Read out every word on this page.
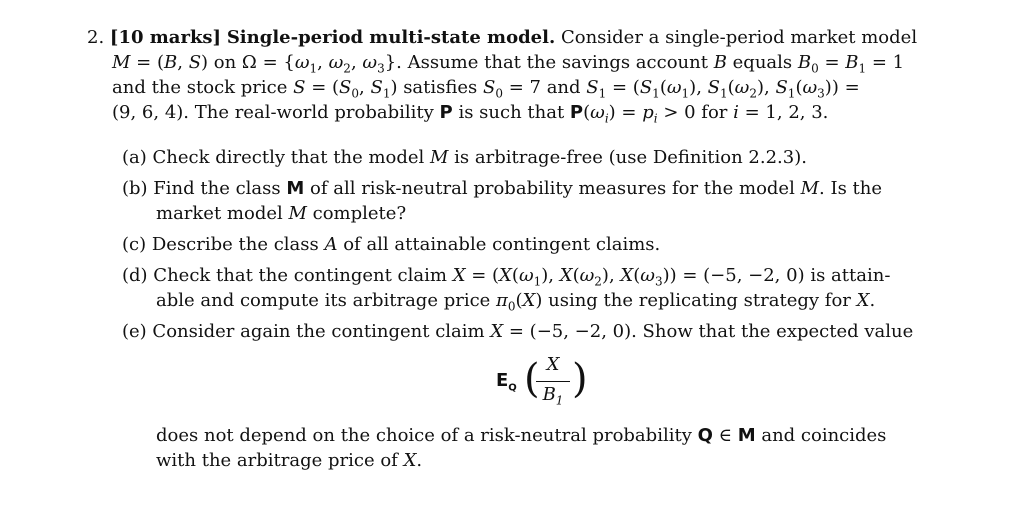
2. [10 marks] Single-period multi-state model. Consider a single-period market model
M = (B, S) on $\Omega = \{\omega_1$, $\omega_2$, $\omega_3$}. Assume that the savings account B equals $B_0 = B_1 = 1$
and the stock price $S = (S_0$, $S_1$) satisfies $S_0 = 7$ and $S_1 = (S_1(\omega_1)$, $S_1(\omega_2)$, $S_1(\omega_3)$) =
(9, 6, 4). The real-world probability P is such that $P(\omega_i) = p_i > 0$ for i = 1, 2, 3.
(a) Check directly that the model M is arbitrage-free (use Definition 2.2.3).
(b) Find the class M of all risk-neutral probability measures for the model M. Is the
market model M complete?
(c) Describe the class A of all attainable contingent claims.
(d) Check that the contingent claim $X = (X(\omega_1)$, $X(\omega_2)$, $X(\omega_3)) = (-5$, −2, 0) is attain-
able and compute its arbitrage price $\pi_0(X)$ using the replicating strategy for X.
(e) Consider again the contingent claim X = (−5, −2, 0). Show that the expected value
$E_Q$ ( X
$B_1$ )
does not depend on the choice of a risk-neutral probability Q ∈ M and coincides
with the arbitrage price of X.
